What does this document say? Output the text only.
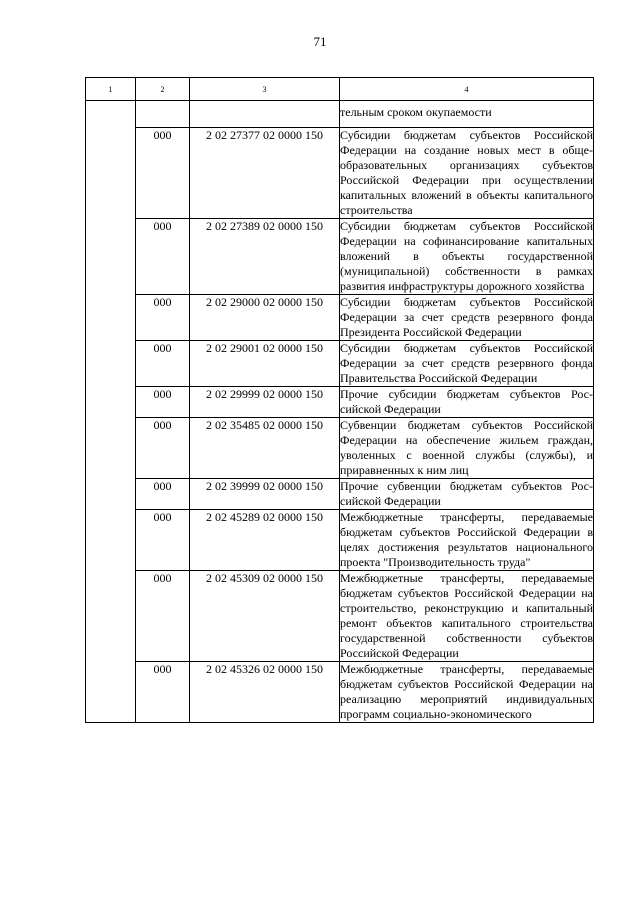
71
1	2	3	4
			тельным сроком окупаемости
	000	2 02 27377 02 0000 150	Субсидии бюджетам субъектов Российской Федерации на создание новых мест в общеобразовательных организациях субъектов Российской Федерации при осуществлении капитальных вложений в объекты капитального строительства
	000	2 02 27389 02 0000 150	Субсидии бюджетам субъектов Российской Федерации на софинансирование капитальных вложений в объекты государственной (муниципальной) собственности в рамках развития инфраструктуры дорожного хозяйства
	000	2 02 29000 02 0000 150	Субсидии бюджетам субъектов Российской Федерации за счет средств резервного фонда Президента Российской Федерации
	000	2 02 29001 02 0000 150	Субсидии бюджетам субъектов Российской Федерации за счет средств резервного фонда Правительства Российской Федерации
	000	2 02 29999 02 0000 150	Прочие субсидии бюджетам субъектов Российской Федерации
	000	2 02 35485 02 0000 150	Субвенции бюджетам субъектов Российской Федерации на обеспечение жильем граждан, уволенных с военной службы (службы), и приравненных к ним лиц
	000	2 02 39999 02 0000 150	Прочие субвенции бюджетам субъектов Российской Федерации
	000	2 02 45289 02 0000 150	Межбюджетные трансферты, передаваемые бюджетам субъектов Российской Федерации в целях достижения результатов национального проекта "Производительность труда"
	000	2 02 45309 02 0000 150	Межбюджетные трансферты, передаваемые бюджетам субъектов Российской Федерации на строительство, реконструкцию и капитальный ремонт объектов капитального строительства государственной собственности субъектов Российской Федерации
	000	2 02 45326 02 0000 150	Межбюджетные трансферты, передаваемые бюджетам субъектов Российской Федерации на реализацию мероприятий индивидуальных программ социально-экономического
